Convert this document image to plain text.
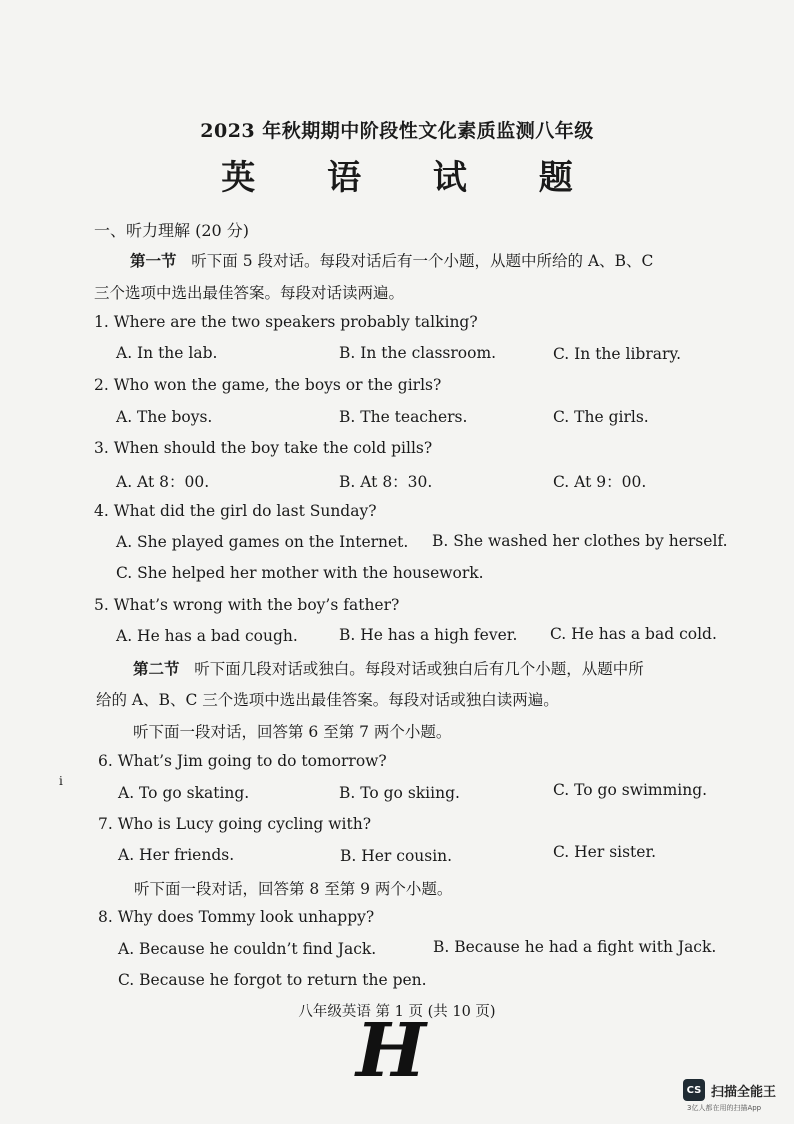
2023 年秋期期中阶段性文化素质监测八年级
英 语 试 题
一、听力理解 (20 分)
第一节 听下面 5 段对话。每段对话后有一个小题，从题中所给的 A、B、C
三个选项中选出最佳答案。每段对话读两遍。
1. Where are the two speakers probably talking?
A. In the lab.	B. In the classroom.	C. In the library.
2. Who won the game, the boys or the girls?
A. The boys.	B. The teachers.	C. The girls.
3. When should the boy take the cold pills?
A. At 8：00.	B. At 8：30.	C. At 9：00.
4. What did the girl do last Sunday?
A. She played games on the Internet. B. She washed her clothes by herself.
C. She helped her mother with the housework.
5. What’s wrong with the boy’s father?
A. He has a bad cough.	B. He has a high fever. C. He has a bad cold.
第二节 听下面几段对话或独白。每段对话或独白后有几个小题，从题中所
给的 A、B、C 三个选项中选出最佳答案。每段对话或独白读两遍。
听下面一段对话，回答第 6 至第 7 两个小题。
6. What’s Jim going to do tomorrow?
A. To go skating.	B. To go skiing.	C. To go swimming.
7. Who is Lucy going cycling with?
A. Her friends.	B. Her cousin.	C. Her sister.
听下面一段对话，回答第 8 至第 9 两个小题。
8. Why does Tommy look unhappy?
A. Because he couldn’t find Jack.	B. Because he had a fight with Jack.
C. Because he forgot to return the pen.
八年级英语 第 1 页 (共 10 页)
H
i
CS 扫描全能王
3亿人都在用的扫描App
